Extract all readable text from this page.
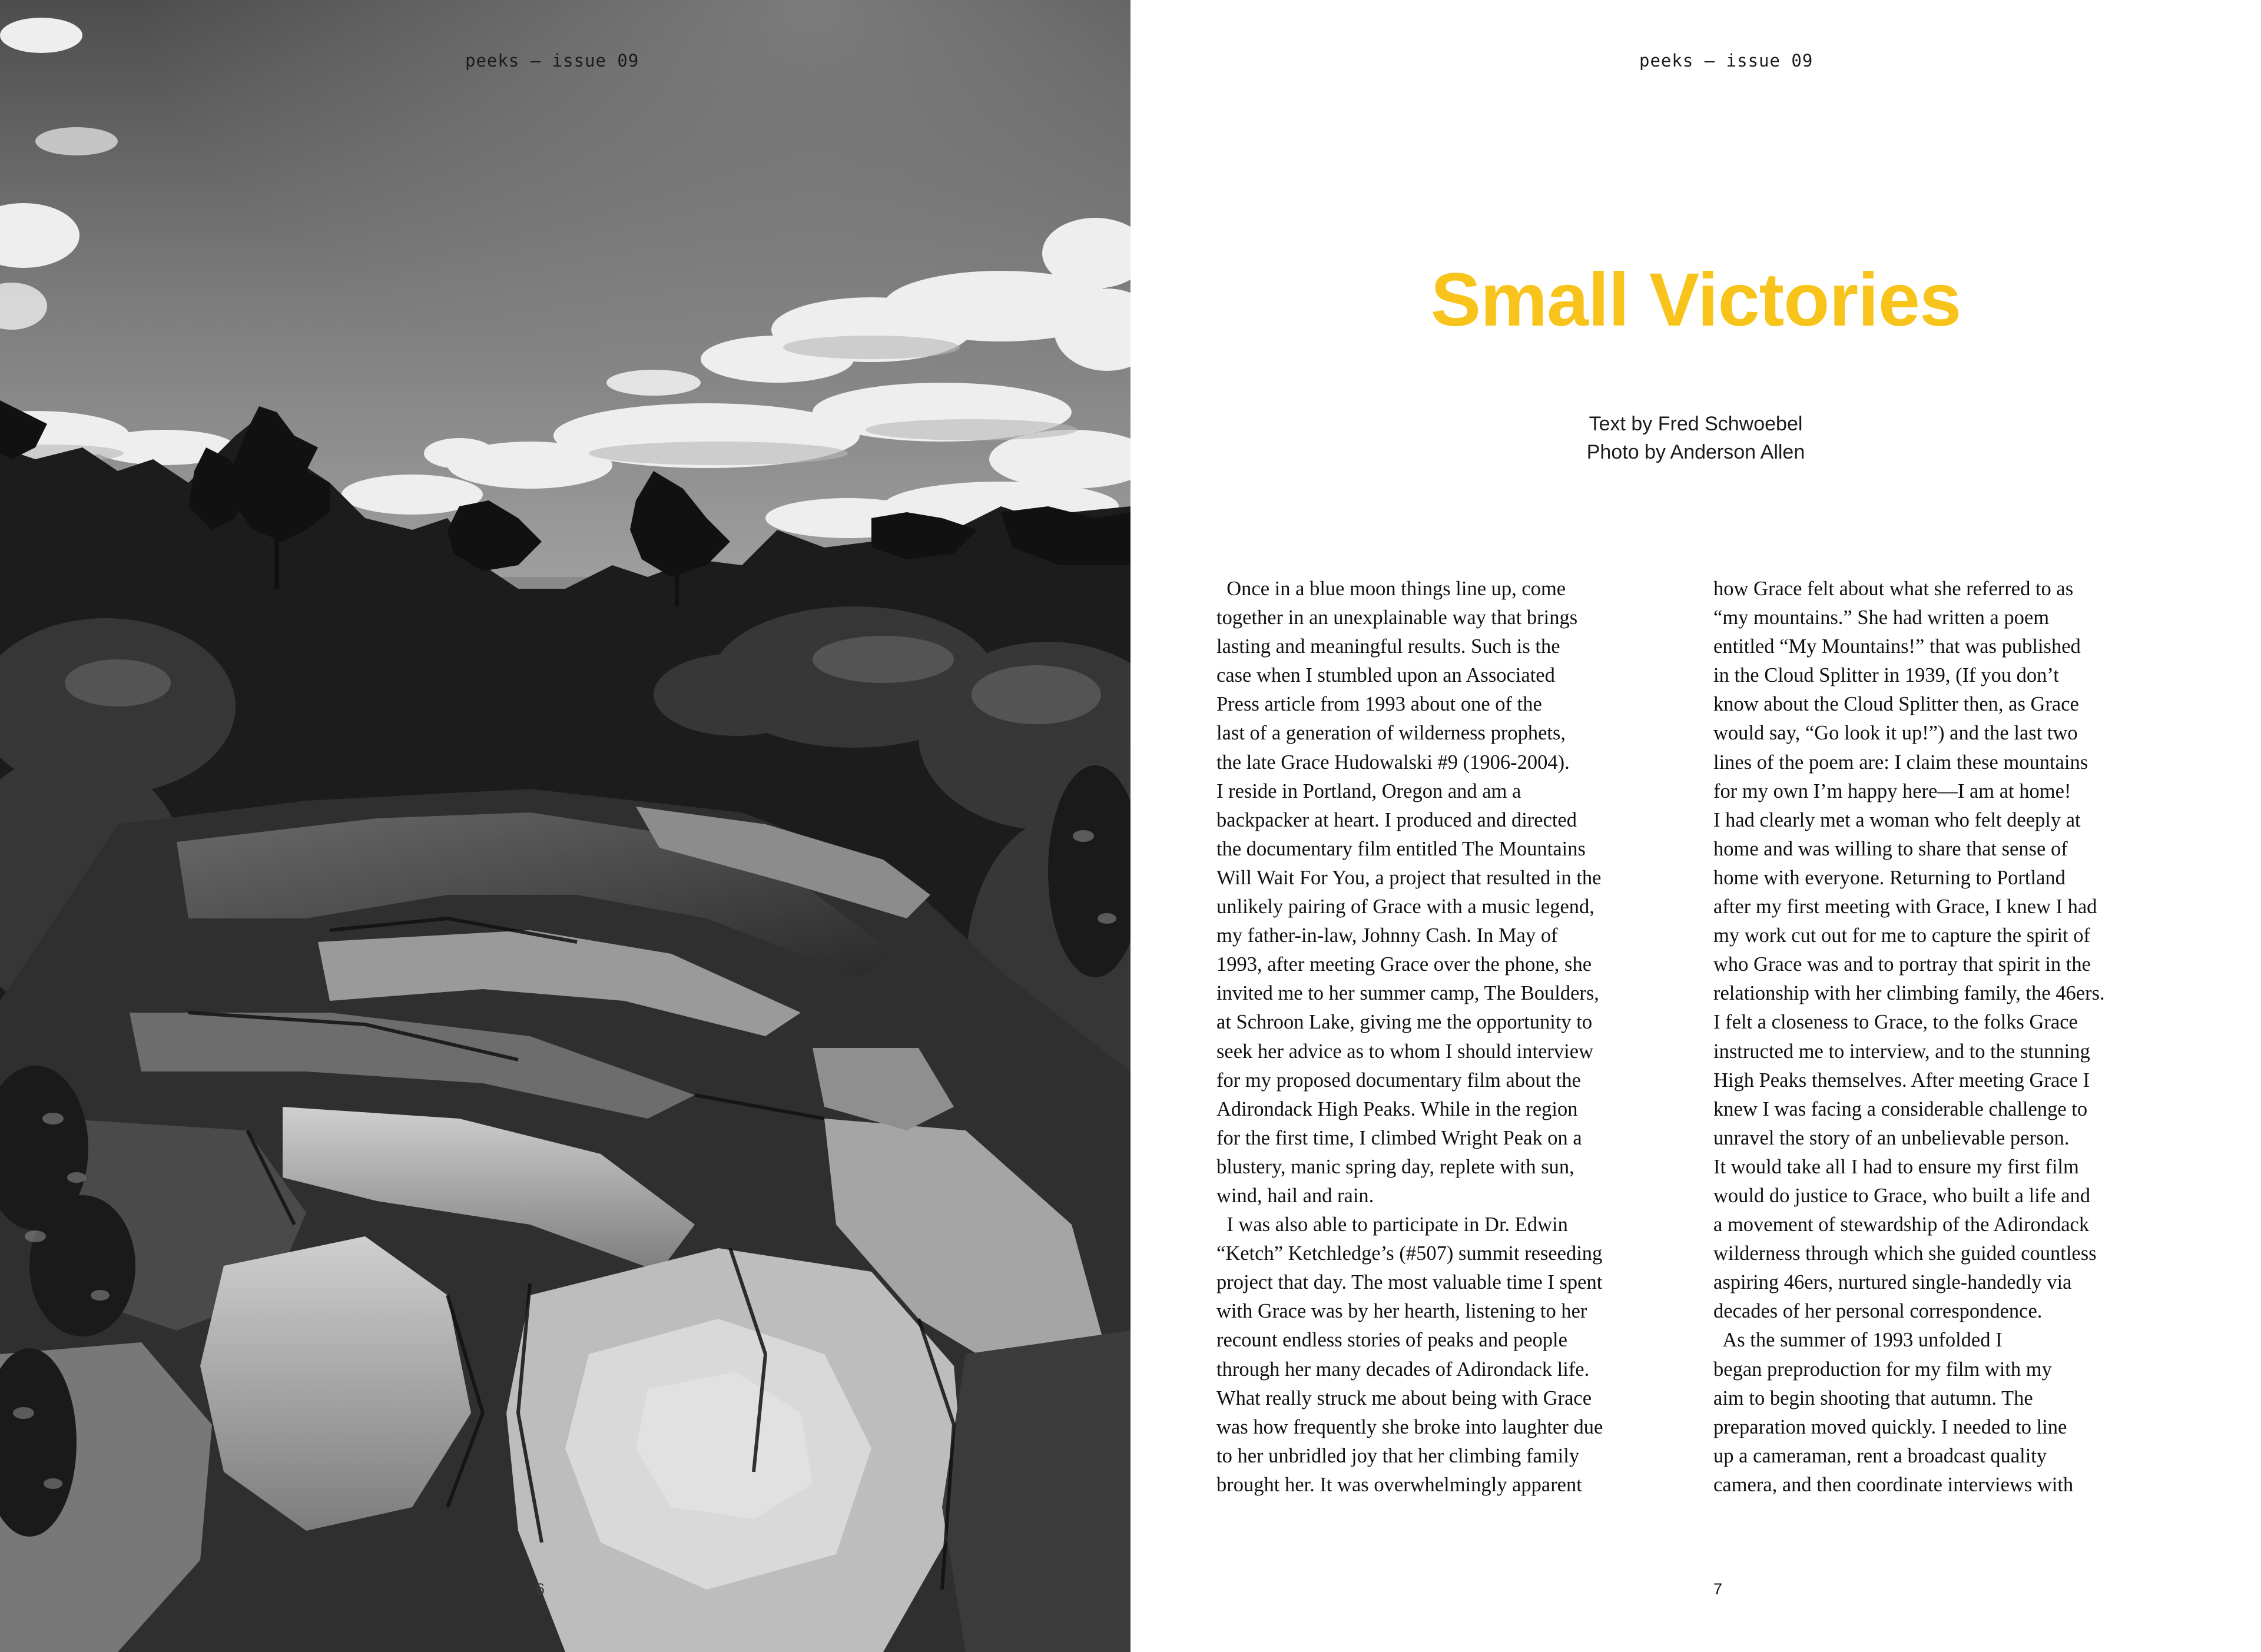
peeks – issue 09
6
peeks – issue 09
Small Victories
Text by Fred Schwoebel
Photo by Anderson Allen
Once in a blue moon things line up, come
together in an unexplainable way that brings
lasting and meaningful results. Such is the
case when I stumbled upon an Associated
Press article from 1993 about one of the
last of a generation of wilderness prophets,
the late Grace Hudowalski #9 (1906-2004).
I reside in Portland, Oregon and am a
backpacker at heart. I produced and directed
the documentary film entitled The Mountains
Will Wait For You, a project that resulted in the
unlikely pairing of Grace with a music legend,
my father-in-law, Johnny Cash. In May of
1993, after meeting Grace over the phone, she
invited me to her summer camp, The Boulders,
at Schroon Lake, giving me the opportunity to
seek her advice as to whom I should interview
for my proposed documentary film about the
Adirondack High Peaks. While in the region
for the first time, I climbed Wright Peak on a
blustery, manic spring day, replete with sun,
wind, hail and rain.
I was also able to participate in Dr. Edwin
“Ketch” Ketchledge’s (#507) summit reseeding
project that day. The most valuable time I spent
with Grace was by her hearth, listening to her
recount endless stories of peaks and people
through her many decades of Adirondack life.
What really struck me about being with Grace
was how frequently she broke into laughter due
to her unbridled joy that her climbing family
brought her. It was overwhelmingly apparent
how Grace felt about what she referred to as
“my mountains.” She had written a poem
entitled “My Mountains!” that was published
in the Cloud Splitter in 1939, (If you don’t
know about the Cloud Splitter then, as Grace
would say, “Go look it up!”) and the last two
lines of the poem are: I claim these mountains
for my own I’m happy here—I am at home!
I had clearly met a woman who felt deeply at
home and was willing to share that sense of
home with everyone. Returning to Portland
after my first meeting with Grace, I knew I had
my work cut out for me to capture the spirit of
who Grace was and to portray that spirit in the
relationship with her climbing family, the 46ers.
I felt a closeness to Grace, to the folks Grace
instructed me to interview, and to the stunning
High Peaks themselves. After meeting Grace I
knew I was facing a considerable challenge to
unravel the story of an unbelievable person.
It would take all I had to ensure my first film
would do justice to Grace, who built a life and
a movement of stewardship of the Adirondack
wilderness through which she guided countless
aspiring 46ers, nurtured single-handedly via
decades of her personal correspondence.
As the summer of 1993 unfolded I
began preproduction for my film with my
aim to begin shooting that autumn. The
preparation moved quickly. I needed to line
up a cameraman, rent a broadcast quality
camera, and then coordinate interviews with
7
